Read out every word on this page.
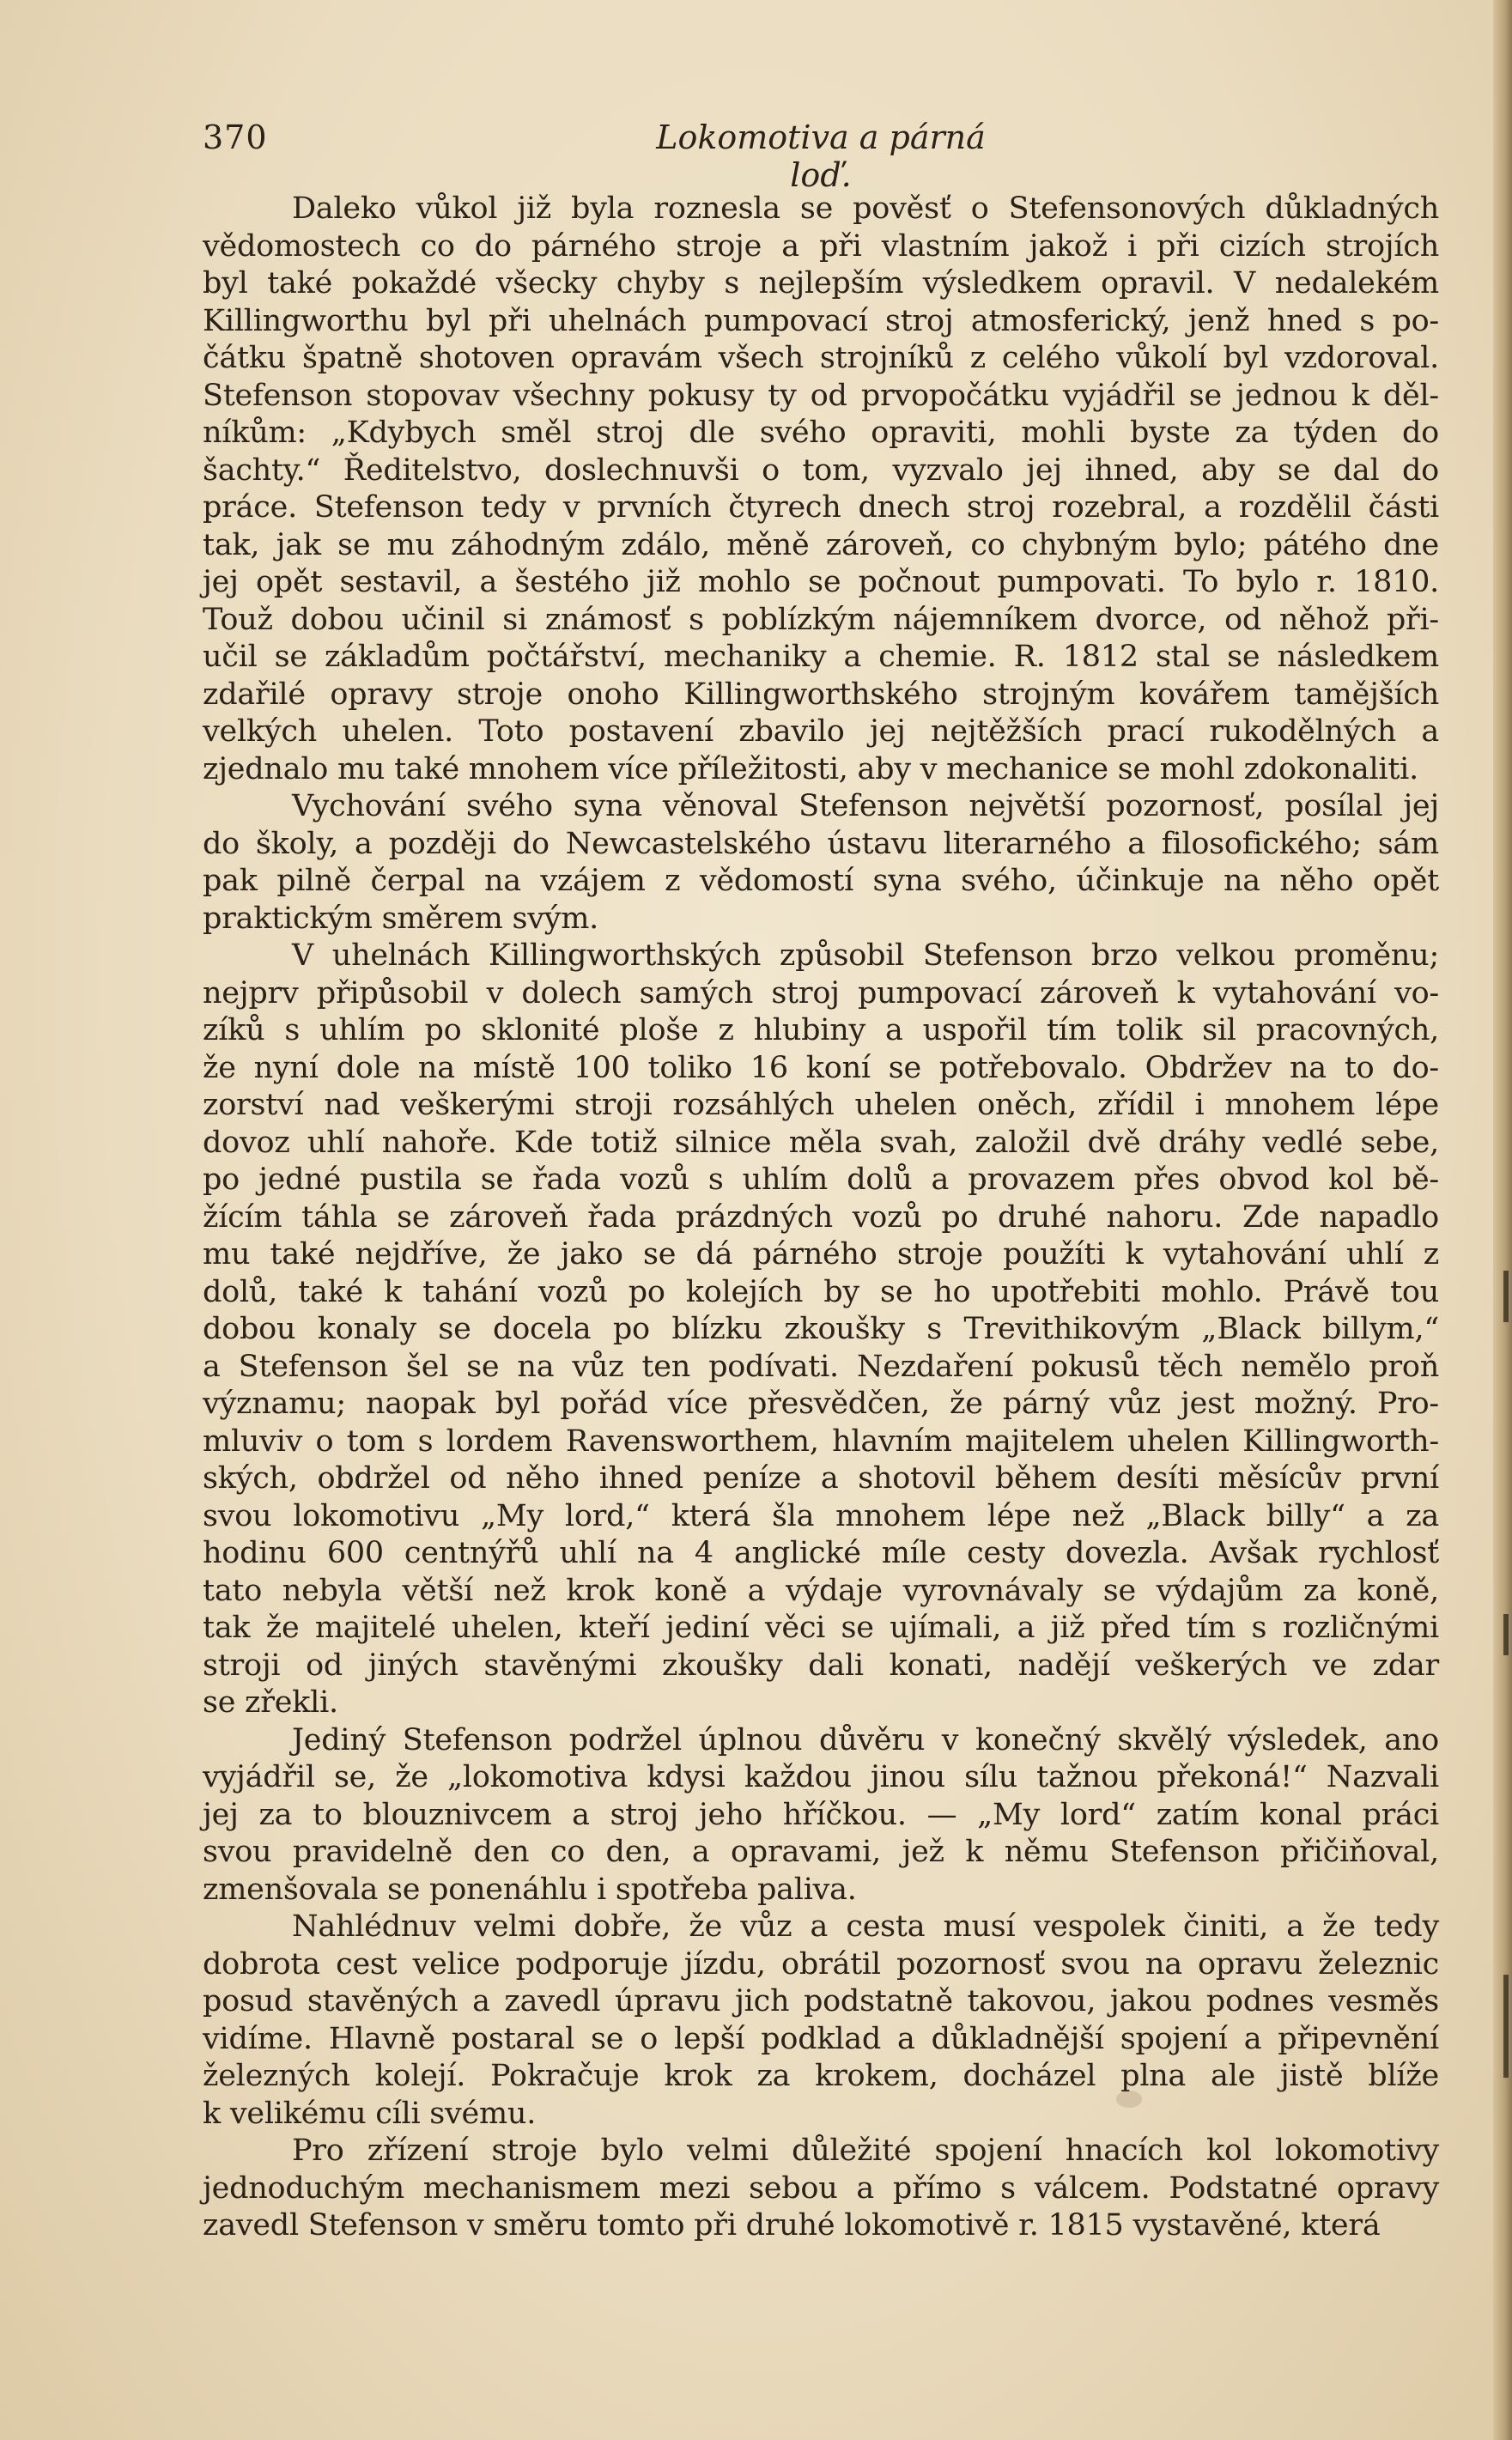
370	Lokomotiva a párná loď.
Daleko vůkol již byla roznesla se pověsť o Stefensonových důkladných
vědomostech co do párného stroje a při vlastním jakož i při cizích strojích
byl také pokaždé všecky chyby s nejlepším výsledkem opravil. V nedalekém
Killingworthu byl při uhelnách pumpovací stroj atmosferický, jenž hned s po-
čátku špatně shotoven opravám všech strojníků z celého vůkolí byl vzdoroval.
Stefenson stopovav všechny pokusy ty od prvopočátku vyjádřil se jednou k děl-
níkům: „Kdybych směl stroj dle svého opraviti, mohli byste za týden do
šachty.“ Ředitelstvo, doslechnuvši o tom, vyzvalo jej ihned, aby se dal do
práce. Stefenson tedy v prvních čtyrech dnech stroj rozebral, a rozdělil části
tak, jak se mu záhodným zdálo, měně zároveň, co chybným bylo; pátého dne
jej opět sestavil, a šestého již mohlo se počnout pumpovati. To bylo r. 1810.
Touž dobou učinil si známosť s poblízkým nájemníkem dvorce, od něhož při-
učil se základům počtářství, mechaniky a chemie. R. 1812 stal se následkem
zdařilé opravy stroje onoho Killingworthského strojným kovářem tamějších
velkých uhelen. Toto postavení zbavilo jej nejtěžších prací rukodělných a
zjednalo mu také mnohem více příležitosti, aby v mechanice se mohl zdokonaliti.
Vychování svého syna věnoval Stefenson největší pozornosť, posílal jej
do školy, a později do Newcastelského ústavu literarného a filosofického; sám
pak pilně čerpal na vzájem z vědomostí syna svého, účinkuje na něho opět
praktickým směrem svým.
V uhelnách Killingworthských způsobil Stefenson brzo velkou proměnu;
nejprv připůsobil v dolech samých stroj pumpovací zároveň k vytahování vo-
zíků s uhlím po sklonité ploše z hlubiny a uspořil tím tolik sil pracovných,
že nyní dole na místě 100 toliko 16 koní se potřebovalo. Obdržev na to do-
zorství nad veškerými stroji rozsáhlých uhelen oněch, zřídil i mnohem lépe
dovoz uhlí nahoře. Kde totiž silnice měla svah, založil dvě dráhy vedlé sebe,
po jedné pustila se řada vozů s uhlím dolů a provazem přes obvod kol bě-
žícím táhla se zároveň řada prázdných vozů po druhé nahoru. Zde napadlo
mu také nejdříve, že jako se dá párného stroje použíti k vytahování uhlí z
dolů, také k tahání vozů po kolejích by se ho upotřebiti mohlo. Právě tou
dobou konaly se docela po blízku zkoušky s Trevithikovým „Black billym,“
a Stefenson šel se na vůz ten podívati. Nezdaření pokusů těch nemělo proň
významu; naopak byl pořád více přesvědčen, že párný vůz jest možný. Pro-
mluviv o tom s lordem Ravensworthem, hlavním majitelem uhelen Killingworth-
ských, obdržel od něho ihned peníze a shotovil během desíti měsícův první
svou lokomotivu „My lord,“ která šla mnohem lépe než „Black billy“ a za
hodinu 600 centnýřů uhlí na 4 anglické míle cesty dovezla. Avšak rychlosť
tato nebyla větší než krok koně a výdaje vyrovnávaly se výdajům za koně,
tak že majitelé uhelen, kteří jediní věci se ujímali, a již před tím s rozličnými
stroji od jiných stavěnými zkoušky dali konati, nadějí veškerých ve zdar
se zřekli.
Jediný Stefenson podržel úplnou důvěru v konečný skvělý výsledek, ano
vyjádřil se, že „lokomotiva kdysi každou jinou sílu tažnou překoná!“ Nazvali
jej za to blouznivcem a stroj jeho hříčkou. — „My lord“ zatím konal práci
svou pravidelně den co den, a opravami, jež k němu Stefenson přičiňoval,
zmenšovala se ponenáhlu i spotřeba paliva.
Nahlédnuv velmi dobře, že vůz a cesta musí vespolek činiti, a že tedy
dobrota cest velice podporuje jízdu, obrátil pozornosť svou na opravu železnic
posud stavěných a zavedl úpravu jich podstatně takovou, jakou podnes vesměs
vidíme. Hlavně postaral se o lepší podklad a důkladnější spojení a připevnění
železných kolejí. Pokračuje krok za krokem, docházel plna ale jistě blíže
k velikému cíli svému.
Pro zřízení stroje bylo velmi důležité spojení hnacích kol lokomotivy
jednoduchým mechanismem mezi sebou a přímo s válcem. Podstatné opravy
zavedl Stefenson v směru tomto při druhé lokomotivě r. 1815 vystavěné, která
